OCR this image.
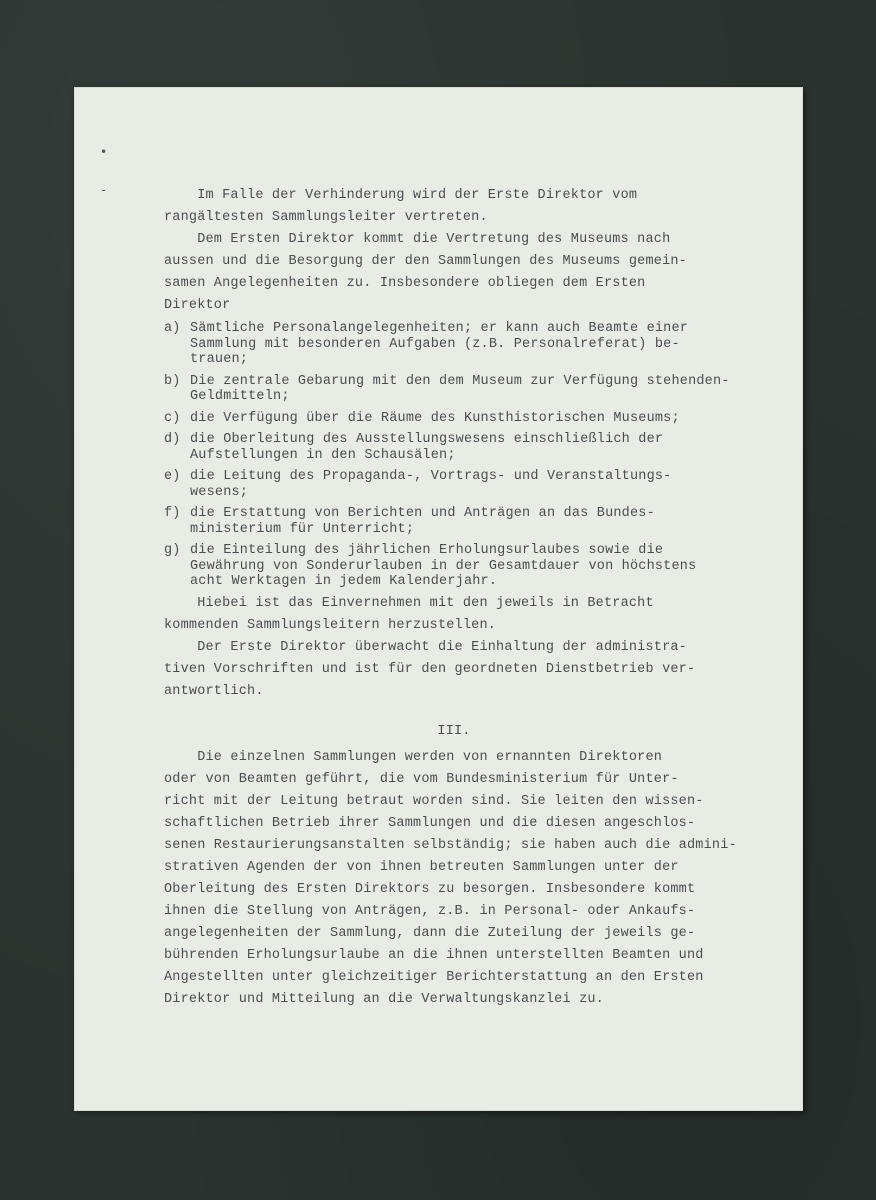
•
-	Im Falle der Verhinderung wird der Erste Direktor vom

rangältesten Sammlungsleiter vertreten.

Dem Ersten Direktor kommt die Vertretung des Museums nach

aussen und die Besorgung der den Sammlungen des Museums gemein-

samen Angelegenheiten zu. Insbesondere obliegen dem Ersten

Direktor

a) Sämtliche Personalangelegenheiten; er kann auch Beamte einer
Sammlung mit besonderen Aufgaben (z.B. Personalreferat) be-
trauen;
b) Die zentrale Gebarung mit den dem Museum zur Verfügung stehenden-
Geldmitteln;
c) die Verfügung über die Räume des Kunsthistorischen Museums;
d) die Oberleitung des Ausstellungswesens einschließlich der
Aufstellungen in den Schausälen;
e) die Leitung des Propaganda-, Vortrags- und Veranstaltungs-
wesens;
f) die Erstattung von Berichten und Anträgen an das Bundes-
ministerium für Unterricht;
g) die Einteilung des jährlichen Erholungsurlaubes sowie die
Gewährung von Sonderurlauben in der Gesamtdauer von höchstens
acht Werktagen in jedem Kalenderjahr.

Hiebei ist das Einvernehmen mit den jeweils in Betracht

kommenden Sammlungsleitern herzustellen.

Der Erste Direktor überwacht die Einhaltung der administra-

tiven Vorschriften und ist für den geordneten Dienstbetrieb ver-

antwortlich.

III.

Die einzelnen Sammlungen werden von ernannten Direktoren

oder von Beamten geführt, die vom Bundesministerium für Unter-

richt mit der Leitung betraut worden sind. Sie leiten den wissen-

schaftlichen Betrieb ihrer Sammlungen und die diesen angeschlos-

senen Restaurierungsanstalten selbständig; sie haben auch die admini-

strativen Agenden der von ihnen betreuten Sammlungen unter der

Oberleitung des Ersten Direktors zu besorgen. Insbesondere kommt

ihnen die Stellung von Anträgen, z.B. in Personal- oder Ankaufs-

angelegenheiten der Sammlung, dann die Zuteilung der jeweils ge-

bührenden Erholungsurlaube an die ihnen unterstellten Beamten und

Angestellten unter gleichzeitiger Berichterstattung an den Ersten

Direktor und Mitteilung an die Verwaltungskanzlei zu.
